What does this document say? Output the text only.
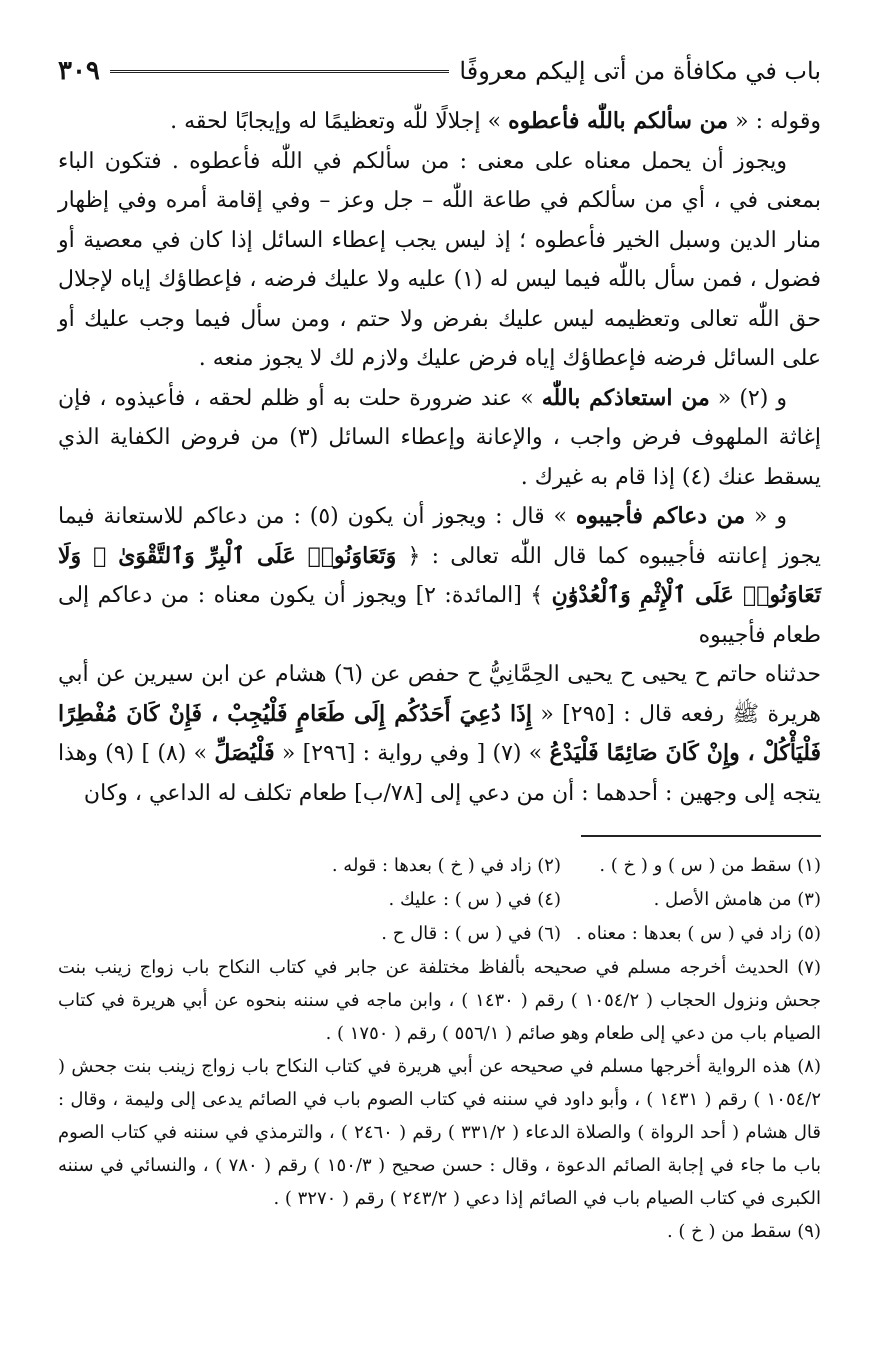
باب في مكافأة من أتى إليكم معروفًا
٣٠٩

وقوله : « من سألكم باللّٰه فأعطوه » إجلالًا للّٰه وتعظيمًا له وإيجابًا لحقه .

ويجوز أن يحمل معناه على معنى : من سألكم في اللّٰه فأعطوه . فتكون الباء بمعنى في ، أي من سألكم في طاعة اللّٰه – جل وعز – وفي إقامة أمره وفي إظهار منار الدين وسبل الخير فأعطوه ؛ إذ ليس يجب إعطاء السائل إذا كان في معصية أو فضول ، فمن سأل باللّٰه فيما ليس له (١) عليه ولا عليك فرضه ، فإعطاؤك إياه لإجلال حق اللّٰه تعالى وتعظيمه ليس عليك بفرض ولا حتم ، ومن سأل فيما وجب عليك أو على السائل فرضه فإعطاؤك إياه فرض عليك ولازم لك لا يجوز منعه .

و (٢) « من استعاذكم باللّٰه » عند ضرورة حلت به أو ظلم لحقه ، فأعيذوه ، فإن إغاثة الملهوف فرض واجب ، والإعانة وإعطاء السائل (٣) من فروض الكفاية الذي يسقط عنك (٤) إذا قام به غيرك .

و « من دعاكم فأجيبوه » قال : ويجوز أن يكون (٥) : من دعاكم للاستعانة فيما يجوز إعانته فأجيبوه كما قال اللّٰه تعالى : ﴿ وَتَعَاوَنُوا۟ عَلَى ٱلْبِرِّ وَٱلتَّقْوَىٰ ۖ وَلَا تَعَاوَنُوا۟ عَلَى ٱلْإِثْمِ وَٱلْعُدْوَٰنِ ﴾ [المائدة: ٢] ويجوز أن يكون معناه : من دعاكم إلى طعام فأجيبوه

حدثناه حاتم ح يحيى ح يحيى الحِمَّانِيُّ ح حفص عن (٦) هشام عن ابن سيرين عن أبي هريرة ﷺ رفعه قال : [٢٩٥] « إِذَا دُعِيَ أَحَدُكُم إِلَى طَعَامٍ فَلْيُجِبْ ، فَإِنْ كَانَ مُفْطِرًا فَلْيَأْكُلْ ، وإِنْ كَانَ صَائِمًا فَلْيَدْعُ » (٧) [ وفي رواية : [٢٩٦] « فَلْيُصَلِّ » (٨) ] (٩) وهذا يتجه إلى وجهين : أحدهما : أن من دعي إلى [٧٨/ب] طعام تكلف له الداعي ، وكان

(١) سقط من ( س ) و ( خ ) .
(٢) زاد في ( خ ) بعدها : قوله .
(٣) من هامش الأصل .
(٤) في ( س ) : عليك .
(٥) زاد في ( س ) بعدها : معناه .
(٦) في ( س ) : قال ح .
(٧) الحديث أخرجه مسلم في صحيحه بألفاظ مختلفة عن جابر في كتاب النكاح باب زواج زينب بنت جحش ونزول الحجاب ( ١٠٥٤/٢ ) رقم ( ١٤٣٠ ) ، وابن ماجه في سننه بنحوه عن أبي هريرة في كتاب الصيام باب من دعي إلى طعام وهو صائم ( ٥٥٦/١ ) رقم ( ١٧٥٠ ) .
(٨) هذه الرواية أخرجها مسلم في صحيحه عن أبي هريرة في كتاب النكاح باب زواج زينب بنت جحش ( ١٠٥٤/٢ ) رقم ( ١٤٣١ ) ، وأبو داود في سننه في كتاب الصوم باب في الصائم يدعى إلى وليمة ، وقال : قال هشام ( أحد الرواة ) والصلاة الدعاء ( ٣٣١/٢ ) رقم ( ٢٤٦٠ ) ، والترمذي في سننه في كتاب الصوم باب ما جاء في إجابة الصائم الدعوة ، وقال : حسن صحيح ( ١٥٠/٣ ) رقم ( ٧٨٠ ) ، والنسائي في سننه الكبرى في كتاب الصيام باب في الصائم إذا دعي ( ٢٤٣/٢ ) رقم ( ٣٢٧٠ ) .
(٩) سقط من ( خ ) .
